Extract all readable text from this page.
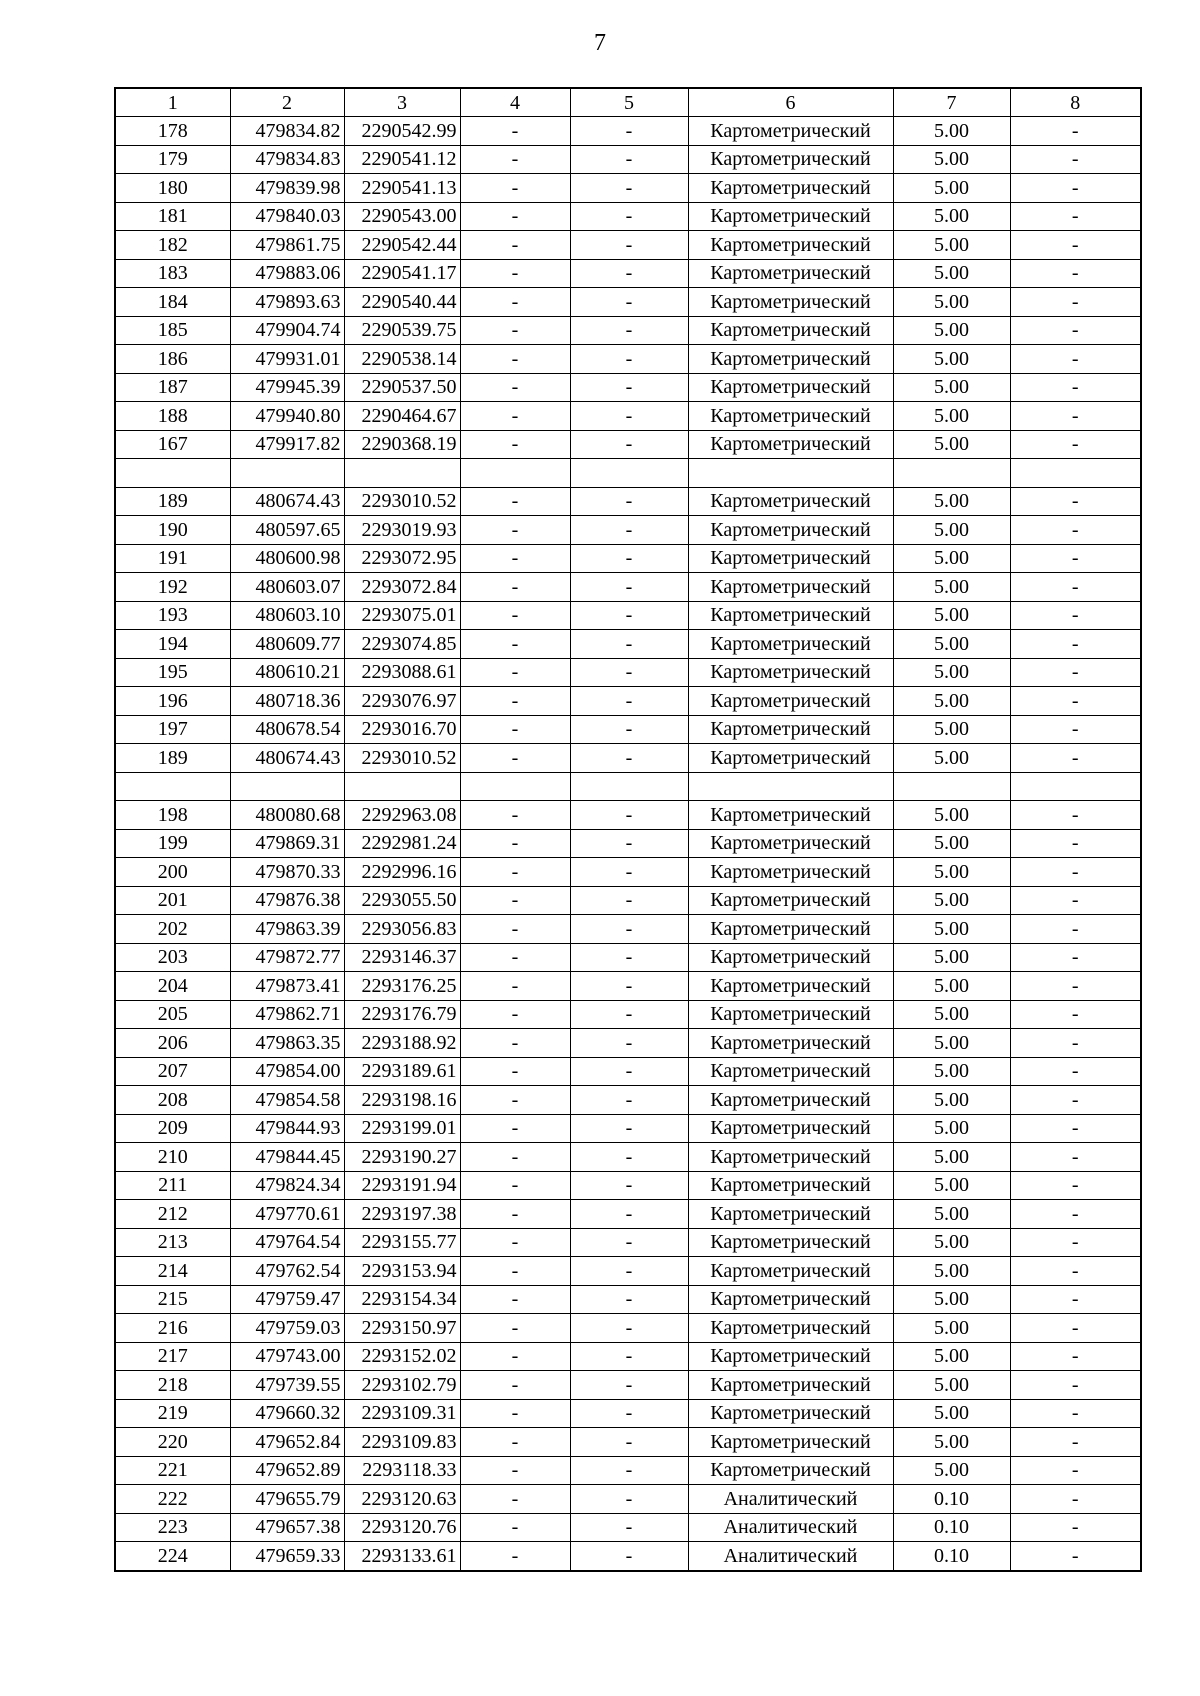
7
1	2	3	4	5	6	7	8
178	479834.82	2290542.99	-	-	Картометрический	5.00	-
179	479834.83	2290541.12	-	-	Картометрический	5.00	-
180	479839.98	2290541.13	-	-	Картометрический	5.00	-
181	479840.03	2290543.00	-	-	Картометрический	5.00	-
182	479861.75	2290542.44	-	-	Картометрический	5.00	-
183	479883.06	2290541.17	-	-	Картометрический	5.00	-
184	479893.63	2290540.44	-	-	Картометрический	5.00	-
185	479904.74	2290539.75	-	-	Картометрический	5.00	-
186	479931.01	2290538.14	-	-	Картометрический	5.00	-
187	479945.39	2290537.50	-	-	Картометрический	5.00	-
188	479940.80	2290464.67	-	-	Картометрический	5.00	-
167	479917.82	2290368.19	-	-	Картометрический	5.00	-

189	480674.43	2293010.52	-	-	Картометрический	5.00	-
190	480597.65	2293019.93	-	-	Картометрический	5.00	-
191	480600.98	2293072.95	-	-	Картометрический	5.00	-
192	480603.07	2293072.84	-	-	Картометрический	5.00	-
193	480603.10	2293075.01	-	-	Картометрический	5.00	-
194	480609.77	2293074.85	-	-	Картометрический	5.00	-
195	480610.21	2293088.61	-	-	Картометрический	5.00	-
196	480718.36	2293076.97	-	-	Картометрический	5.00	-
197	480678.54	2293016.70	-	-	Картометрический	5.00	-
189	480674.43	2293010.52	-	-	Картометрический	5.00	-

198	480080.68	2292963.08	-	-	Картометрический	5.00	-
199	479869.31	2292981.24	-	-	Картометрический	5.00	-
200	479870.33	2292996.16	-	-	Картометрический	5.00	-
201	479876.38	2293055.50	-	-	Картометрический	5.00	-
202	479863.39	2293056.83	-	-	Картометрический	5.00	-
203	479872.77	2293146.37	-	-	Картометрический	5.00	-
204	479873.41	2293176.25	-	-	Картометрический	5.00	-
205	479862.71	2293176.79	-	-	Картометрический	5.00	-
206	479863.35	2293188.92	-	-	Картометрический	5.00	-
207	479854.00	2293189.61	-	-	Картометрический	5.00	-
208	479854.58	2293198.16	-	-	Картометрический	5.00	-
209	479844.93	2293199.01	-	-	Картометрический	5.00	-
210	479844.45	2293190.27	-	-	Картометрический	5.00	-
211	479824.34	2293191.94	-	-	Картометрический	5.00	-
212	479770.61	2293197.38	-	-	Картометрический	5.00	-
213	479764.54	2293155.77	-	-	Картометрический	5.00	-
214	479762.54	2293153.94	-	-	Картометрический	5.00	-
215	479759.47	2293154.34	-	-	Картометрический	5.00	-
216	479759.03	2293150.97	-	-	Картометрический	5.00	-
217	479743.00	2293152.02	-	-	Картометрический	5.00	-
218	479739.55	2293102.79	-	-	Картометрический	5.00	-
219	479660.32	2293109.31	-	-	Картометрический	5.00	-
220	479652.84	2293109.83	-	-	Картометрический	5.00	-
221	479652.89	2293118.33	-	-	Картометрический	5.00	-
222	479655.79	2293120.63	-	-	Аналитический	0.10	-
223	479657.38	2293120.76	-	-	Аналитический	0.10	-
224	479659.33	2293133.61	-	-	Аналитический	0.10	-
